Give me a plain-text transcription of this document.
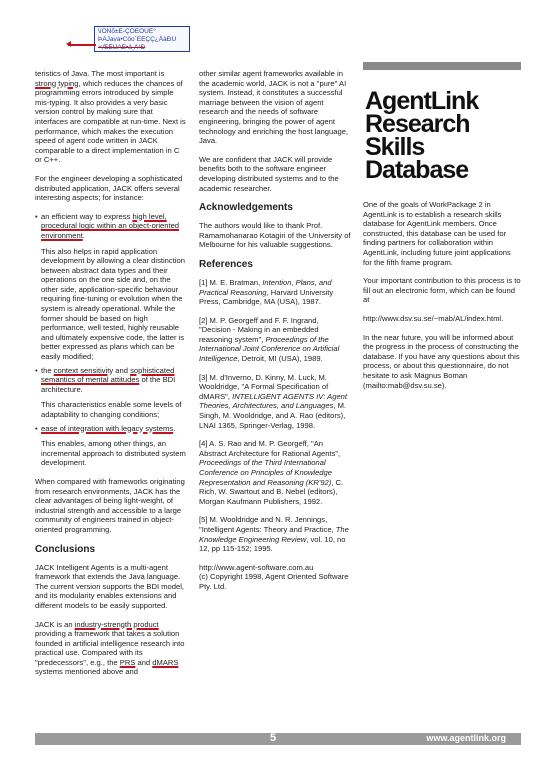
\ïÖÑõ±É-ÇÖÈÖÜÉ°
ÞÄJava•Cöo´ÉÈÇÇ¿ÅàÐÜ
×ÆËÜÃÉ•ä¸Ä¹Ð

teristics of Java. The most important is strong typing, which reduces the chances of programming errors introduced by simple mis-typing. It also provides a very basic version control by making sure that interfaces are compatible at run-time. Next is performance, which makes the execution speed of agent code written in JACK comparable to a direct implementation in C or C++.

For the engineer developing a sophisticated distributed application, JACK offers several interesting aspects; for instance:

• an efficient way to express high level, procedural logic within an object-oriented environment.
This also helps in rapid application development by allowing a clear distinction between abstract data types and their operations on the one side and, on the other side, application-specific behaviour requiring fine-tuning or evolution when the system is already operational. While the former should be based on high performance, well tested, highly reusable and ultimately expensive code, the latter is better expressed as plans which can be easily modified;
• the context sensitivity and sophisticated semantics of mental attitudes of the BDI architecture.
This characteristics enable some levels of adaptability to changing conditions;
• ease of integration with legacy systems.
This enables, among other things, an incremental approach to distributed system development.

When compared with frameworks originating from research environments, JACK has the clear advantages of being light-weight, of industrial strength and accessible to a large community of engineers trained in object-oriented programming.

Conclusions

JACK Intelligent Agents is a multi-agent framework that extends the Java language. The current version supports the BDI model, and its modularity enables extensions and different models to be easily supported.

JACK is an industry-strength product providing a framework that takes a solution founded in artificial intelligence research into practical use. Compared with its "predecessors", e.g., the PRS and dMARS systems mentioned above and

other similar agent frameworks available in the academic world, JACK is not a "pure" AI system. Instead, it constitutes a successful marriage between the vision of agent research and the needs of software engineering, bringing the power of agent technology and enriching the host language, Java.

We are confident that JACK will provide benefits both to the software engineer developing distributed systems and to the academic researcher.

Acknowledgements

The authors would like to thank Prof. Ramamohanarao Kotagiri of the University of Melbourne for his valuable suggestions.

References

[1] M. E. Bratman, Intention, Plans, and Practical Reasoning, Harvard University Press, Cambridge, MA (USA), 1987.

[2] M. P. Georgeff and F. F. Ingrand, "Decision - Making in an embedded reasoning system", Proceedings of the International Joint Conference on Artificial Intelligence, Detroit, MI (USA), 1989.

[3] M. d'Inverno, D. Kinny, M. Luck, M. Wooldridge, "A Formal Specification of dMARS", INTELLIGENT AGENTS IV: Agent Theories, Architectures, and Languages, M. Singh, M. Wooldridge, and A. Rao (editors), LNAI 1365, Springer-Verlag, 1998.

[4] A. S. Rao and M. P. Georgeff, "An Abstract Architecture for Rational Agents", Proceedings of the Third International Conference on Principles of Knowledge Representation and Reasoning (KR'92), C. Rich, W. Swartout and B. Nebel (editors), Morgan Kaufmann Publishers, 1992.

[5] M. Wooldridge and N. R. Jennings, "Intelligent Agents: Theory and Practice, The Knowledge Engineering Review, vol. 10, no 12, pp 115-152; 1995.

http://www.agent-software.com.au
(c) Copyright 1998, Agent Oriented Software Pty. Ltd.

AgentLink
Research
Skills
Database

One of the goals of WorkPackage 2 in AgentLink is to establish a research skills database for AgentLink members. Once constructed, this database can be used for finding partners for collaboration within AgentLink, including future joint applications for the fifth frame program.

Your important contribution to this process is to fill out an electronic form, which can be found at

http://www.dsv.su.se/~mab/AL/index.html.

In the near future, you will be informed about the progress in the process of constructing the database. If you have any questions about this process, or about this questionnaire, do not hesitate to ask Magnus Boman (mailto:mab@dsv.su.se).

5	www.agentlink.org
